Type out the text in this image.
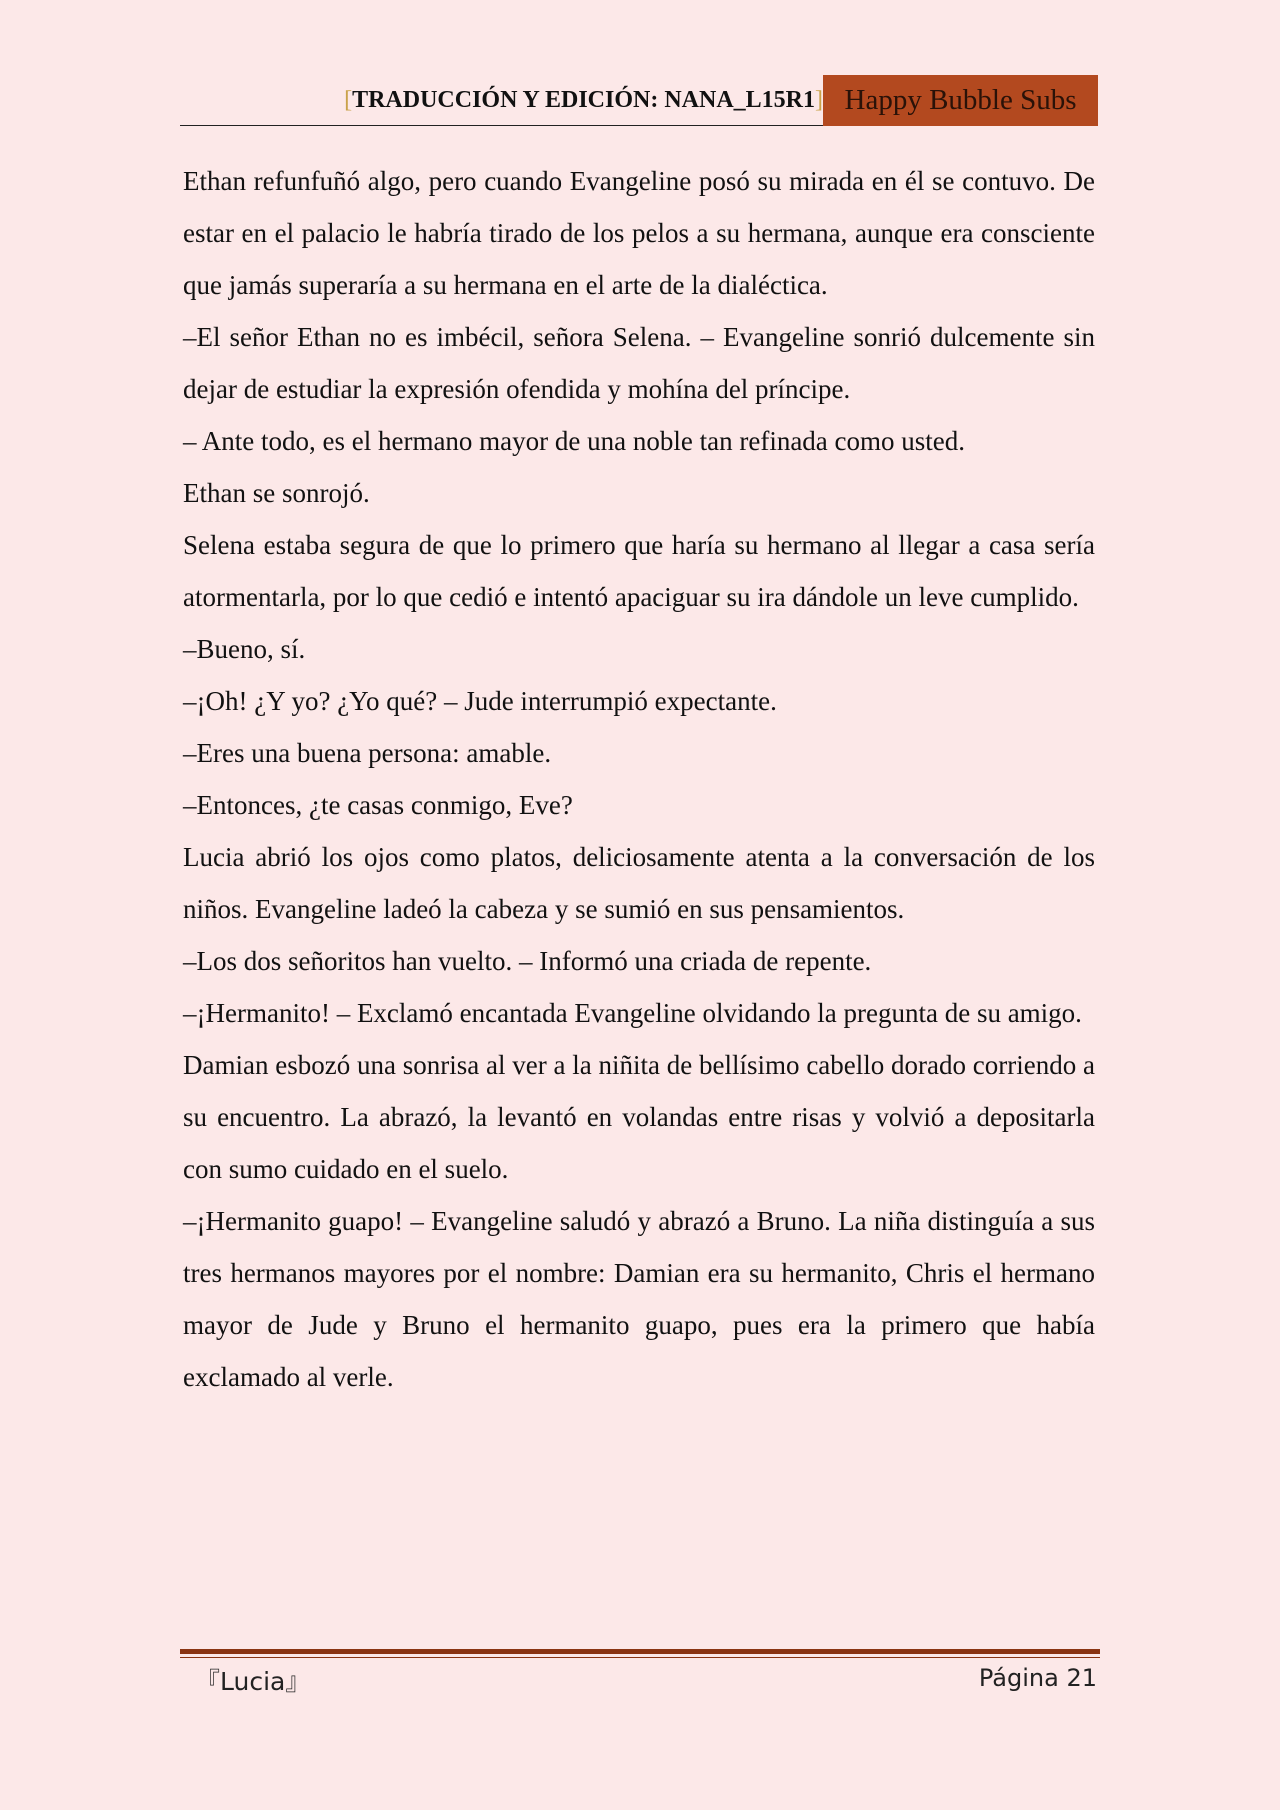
[TRADUCCIÓN Y EDICIÓN: NANA_L15R1] Happy Bubble Subs

Ethan refunfuñó algo, pero cuando Evangeline posó su mirada en él se contuvo. De estar en el palacio le habría tirado de los pelos a su hermana, aunque era consciente que jamás superaría a su hermana en el arte de la dialéctica.

–El señor Ethan no es imbécil, señora Selena. – Evangeline sonrió dulcemente sin dejar de estudiar la expresión ofendida y mohína del príncipe.

– Ante todo, es el hermano mayor de una noble tan refinada como usted.

Ethan se sonrojó.

Selena estaba segura de que lo primero que haría su hermano al llegar a casa sería atormentarla, por lo que cedió e intentó apaciguar su ira dándole un leve cumplido.

–Bueno, sí.

–¡Oh! ¿Y yo? ¿Yo qué? – Jude interrumpió expectante.

–Eres una buena persona: amable.

–Entonces, ¿te casas conmigo, Eve?

Lucia abrió los ojos como platos, deliciosamente atenta a la conversación de los niños. Evangeline ladeó la cabeza y se sumió en sus pensamientos.

–Los dos señoritos han vuelto. – Informó una criada de repente.

–¡Hermanito! – Exclamó encantada Evangeline olvidando la pregunta de su amigo.

Damian esbozó una sonrisa al ver a la niñita de bellísimo cabello dorado corriendo a su encuentro. La abrazó, la levantó en volandas entre risas y volvió a depositarla con sumo cuidado en el suelo.

–¡Hermanito guapo! – Evangeline saludó y abrazó a Bruno. La niña distinguía a sus tres hermanos mayores por el nombre: Damian era su hermanito, Chris el hermano mayor de Jude y Bruno el hermanito guapo, pues era la primero que había exclamado al verle.

『Lucia』	Página 21
